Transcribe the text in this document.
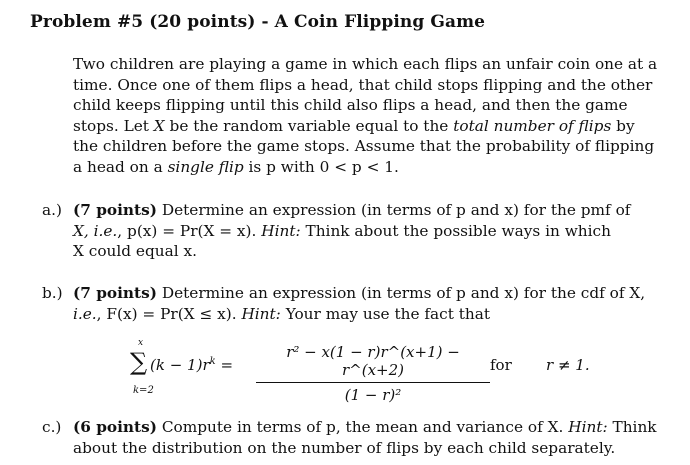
Problem #5 (20 points) - A Coin Flipping Game
Two children are playing a game in which each flips an unfair coin one at a
time. Once one of them flips a head, that child stops flipping and the other
child keeps flipping until this child also flips a head, and then the game
stops. Let X be the random variable equal to the total number of flips by
the children before the game stops. Assume that the probability of flipping
a head on a single flip is p with 0 < p < 1.
a.) (7 points) Determine an expression (in terms of p and x) for the pmf of
X, i.e., p(x) = Pr(X = x). Hint: Think about the possible ways in which
X could equal x.
b.) (7 points) Determine an expression (in terms of p and x) for the cdf of X,
i.e., F(x) = Pr(X ≤ x). Hint: Your may use the fact that
x
∑
k=2
$(k - 1)r^k = \frac{\text{r² − x(1 − r)r\textasciicircum{}(x+1) − r\textasciicircum{}(x+2)}}{\text{(1 − r)²}}$ for r ≠ 1.
c.) (6 points) Compute in terms of p, the mean and variance of X. Hint: Think
about the distribution on the number of flips by each child separately.
